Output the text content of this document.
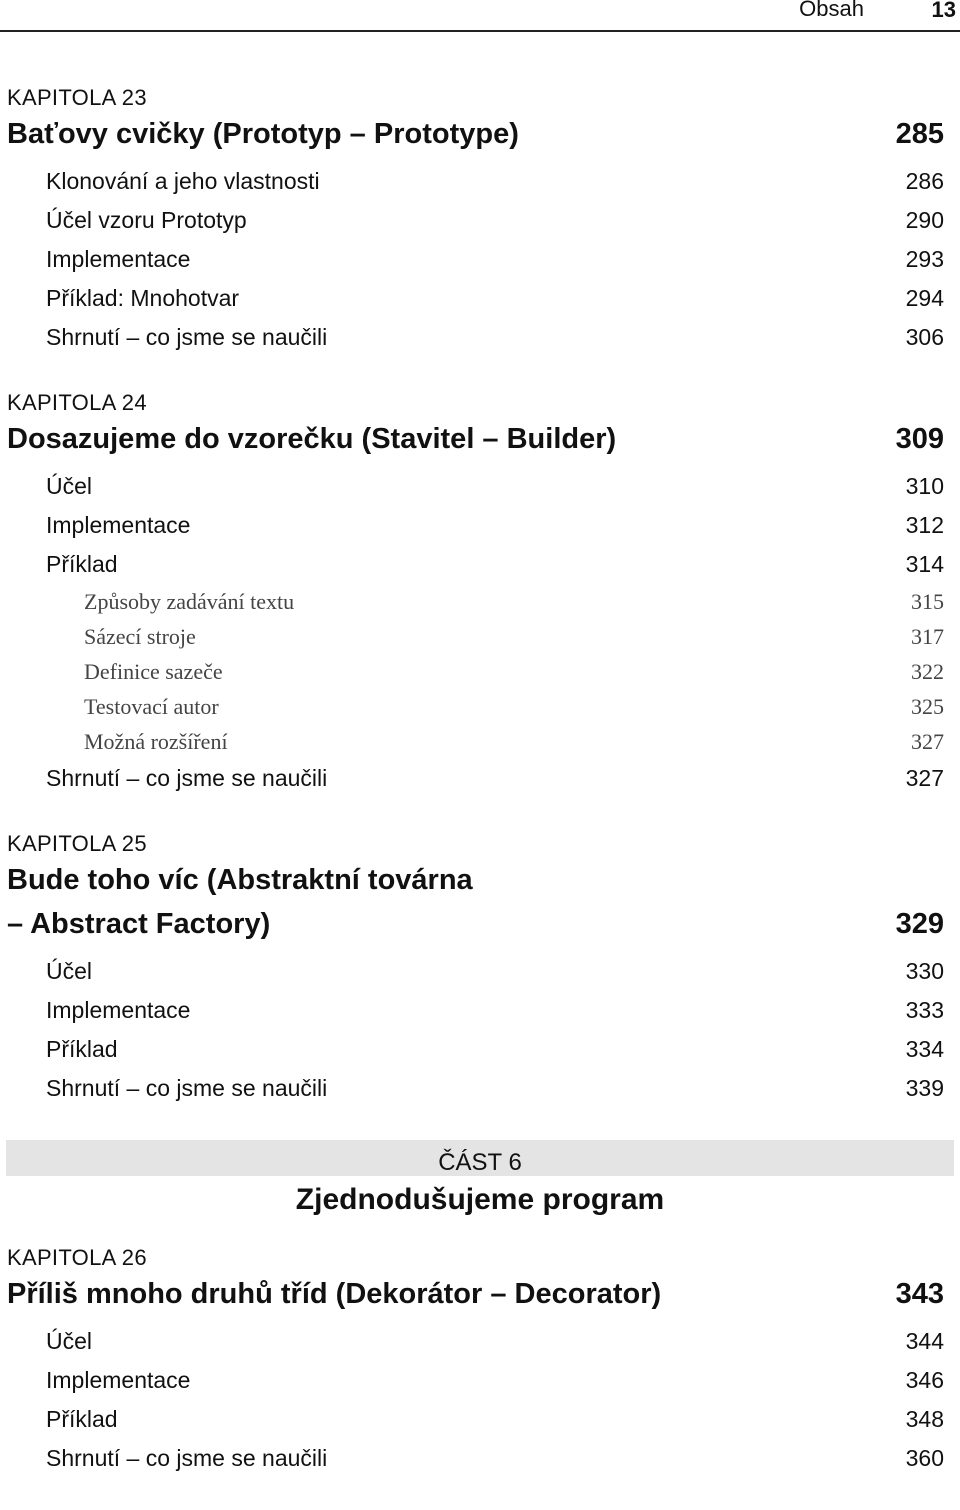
Obsah	13
KAPITOLA 23
Baťovy cvičky (Prototyp – Prototype)	285
Klonování a jeho vlastnosti	286
Účel vzoru Prototyp	290
Implementace	293
Příklad: Mnohotvar	294
Shrnutí – co jsme se naučili	306
KAPITOLA 24
Dosazujeme do vzorečku (Stavitel – Builder)	309
Účel	310
Implementace	312
Příklad	314
Způsoby zadávání textu	315
Sázecí stroje	317
Definice sazeče	322
Testovací autor	325
Možná rozšíření	327
Shrnutí – co jsme se naučili	327
KAPITOLA 25
Bude toho víc (Abstraktní továrna
– Abstract Factory)	329
Účel	330
Implementace	333
Příklad	334
Shrnutí – co jsme se naučili	339
ČÁST 6
Zjednodušujeme program
KAPITOLA 26
Příliš mnoho druhů tříd (Dekorátor – Decorator)	343
Účel	344
Implementace	346
Příklad	348
Shrnutí – co jsme se naučili	360
